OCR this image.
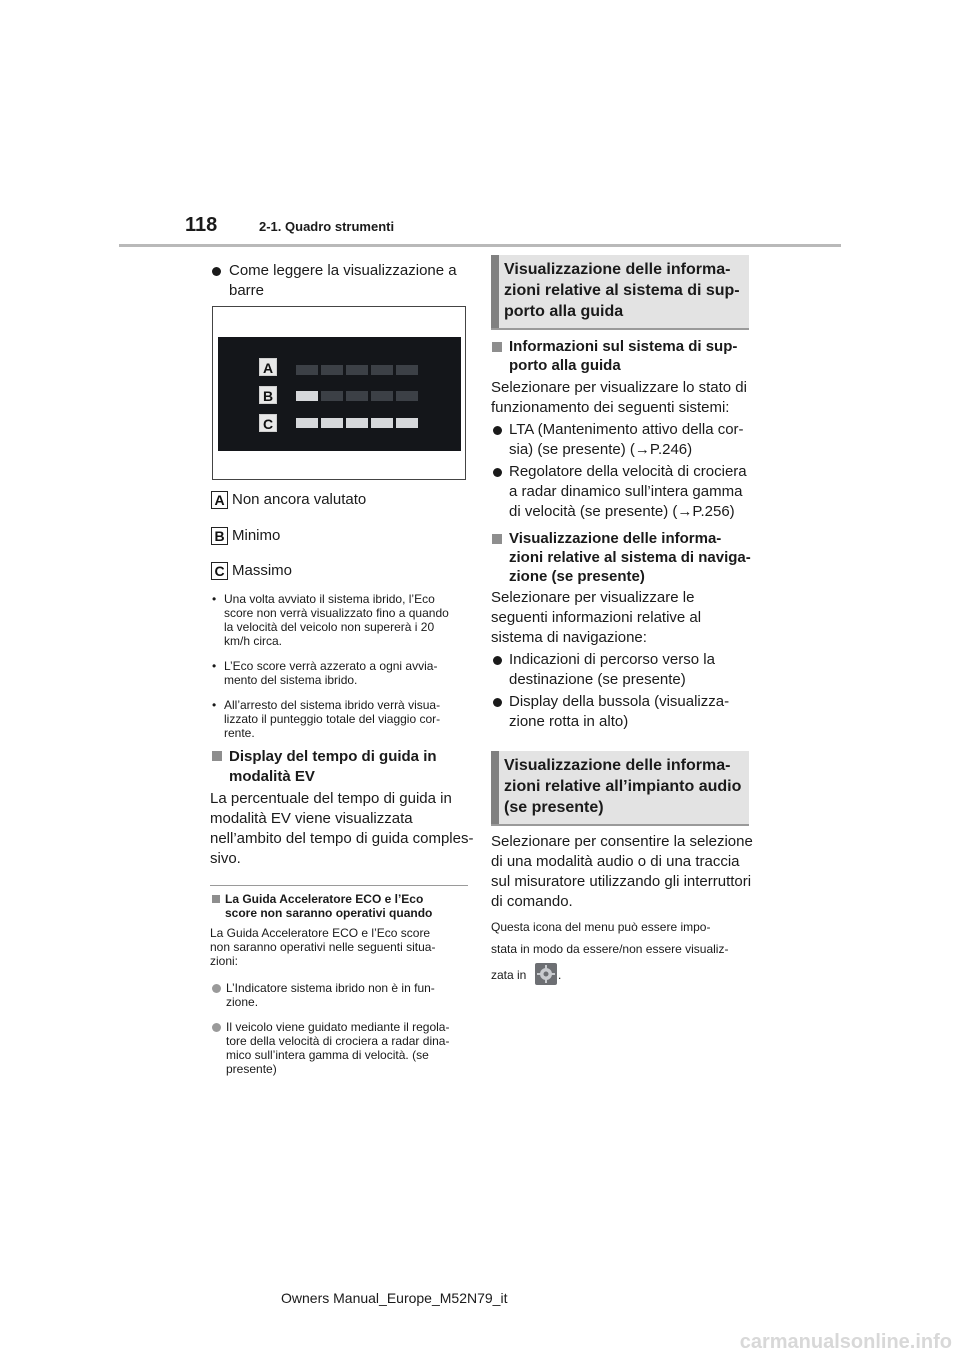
118	2-1. Quadro strumenti
Come leggere la visualizzazione a
barre
A
B
C
A Non ancora valutato
B Minimo
C Massimo
• Una volta avviato il sistema ibrido, l’Eco
score non verrà visualizzato fino a quando
la velocità del veicolo non supererà i 20
km/h circa.
• L’Eco score verrà azzerato a ogni avvia-
mento del sistema ibrido.
• All’arresto del sistema ibrido verrà visua-
lizzato il punteggio totale del viaggio cor-
rente.
Display del tempo di guida in
modalità EV
La percentuale del tempo di guida in
modalità EV viene visualizzata
nell’ambito del tempo di guida comples-
sivo.
La Guida Acceleratore ECO e l’Eco
score non saranno operativi quando
La Guida Acceleratore ECO e l’Eco score
non saranno operativi nelle seguenti situa-
zioni:
L’Indicatore sistema ibrido non è in fun-
zione.
Il veicolo viene guidato mediante il regola-
tore della velocità di crociera a radar dina-
mico sull’intera gamma di velocità. (se
presente)
Visualizzazione delle informa-
zioni relative al sistema di sup-
porto alla guida
Informazioni sul sistema di sup-
porto alla guida
Selezionare per visualizzare lo stato di
funzionamento dei seguenti sistemi:
LTA (Mantenimento attivo della cor-
sia) (se presente) (→P.246)
Regolatore della velocità di crociera
a radar dinamico sull’intera gamma
di velocità (se presente) (→P.256)
Visualizzazione delle informa-
zioni relative al sistema di naviga-
zione (se presente)
Selezionare per visualizzare le
seguenti informazioni relative al
sistema di navigazione:
Indicazioni di percorso verso la
destinazione (se presente)
Display della bussola (visualizza-
zione rotta in alto)
Visualizzazione delle informa-
zioni relative all’impianto audio
(se presente)
Selezionare per consentire la selezione
di una modalità audio o di una traccia
sul misuratore utilizzando gli interruttori
di comando.
Questa icona del menu può essere impo-
stata in modo da essere/non essere visualiz-
zata in	.
Owners Manual_Europe_M52N79_it
carmanualsonline.info
